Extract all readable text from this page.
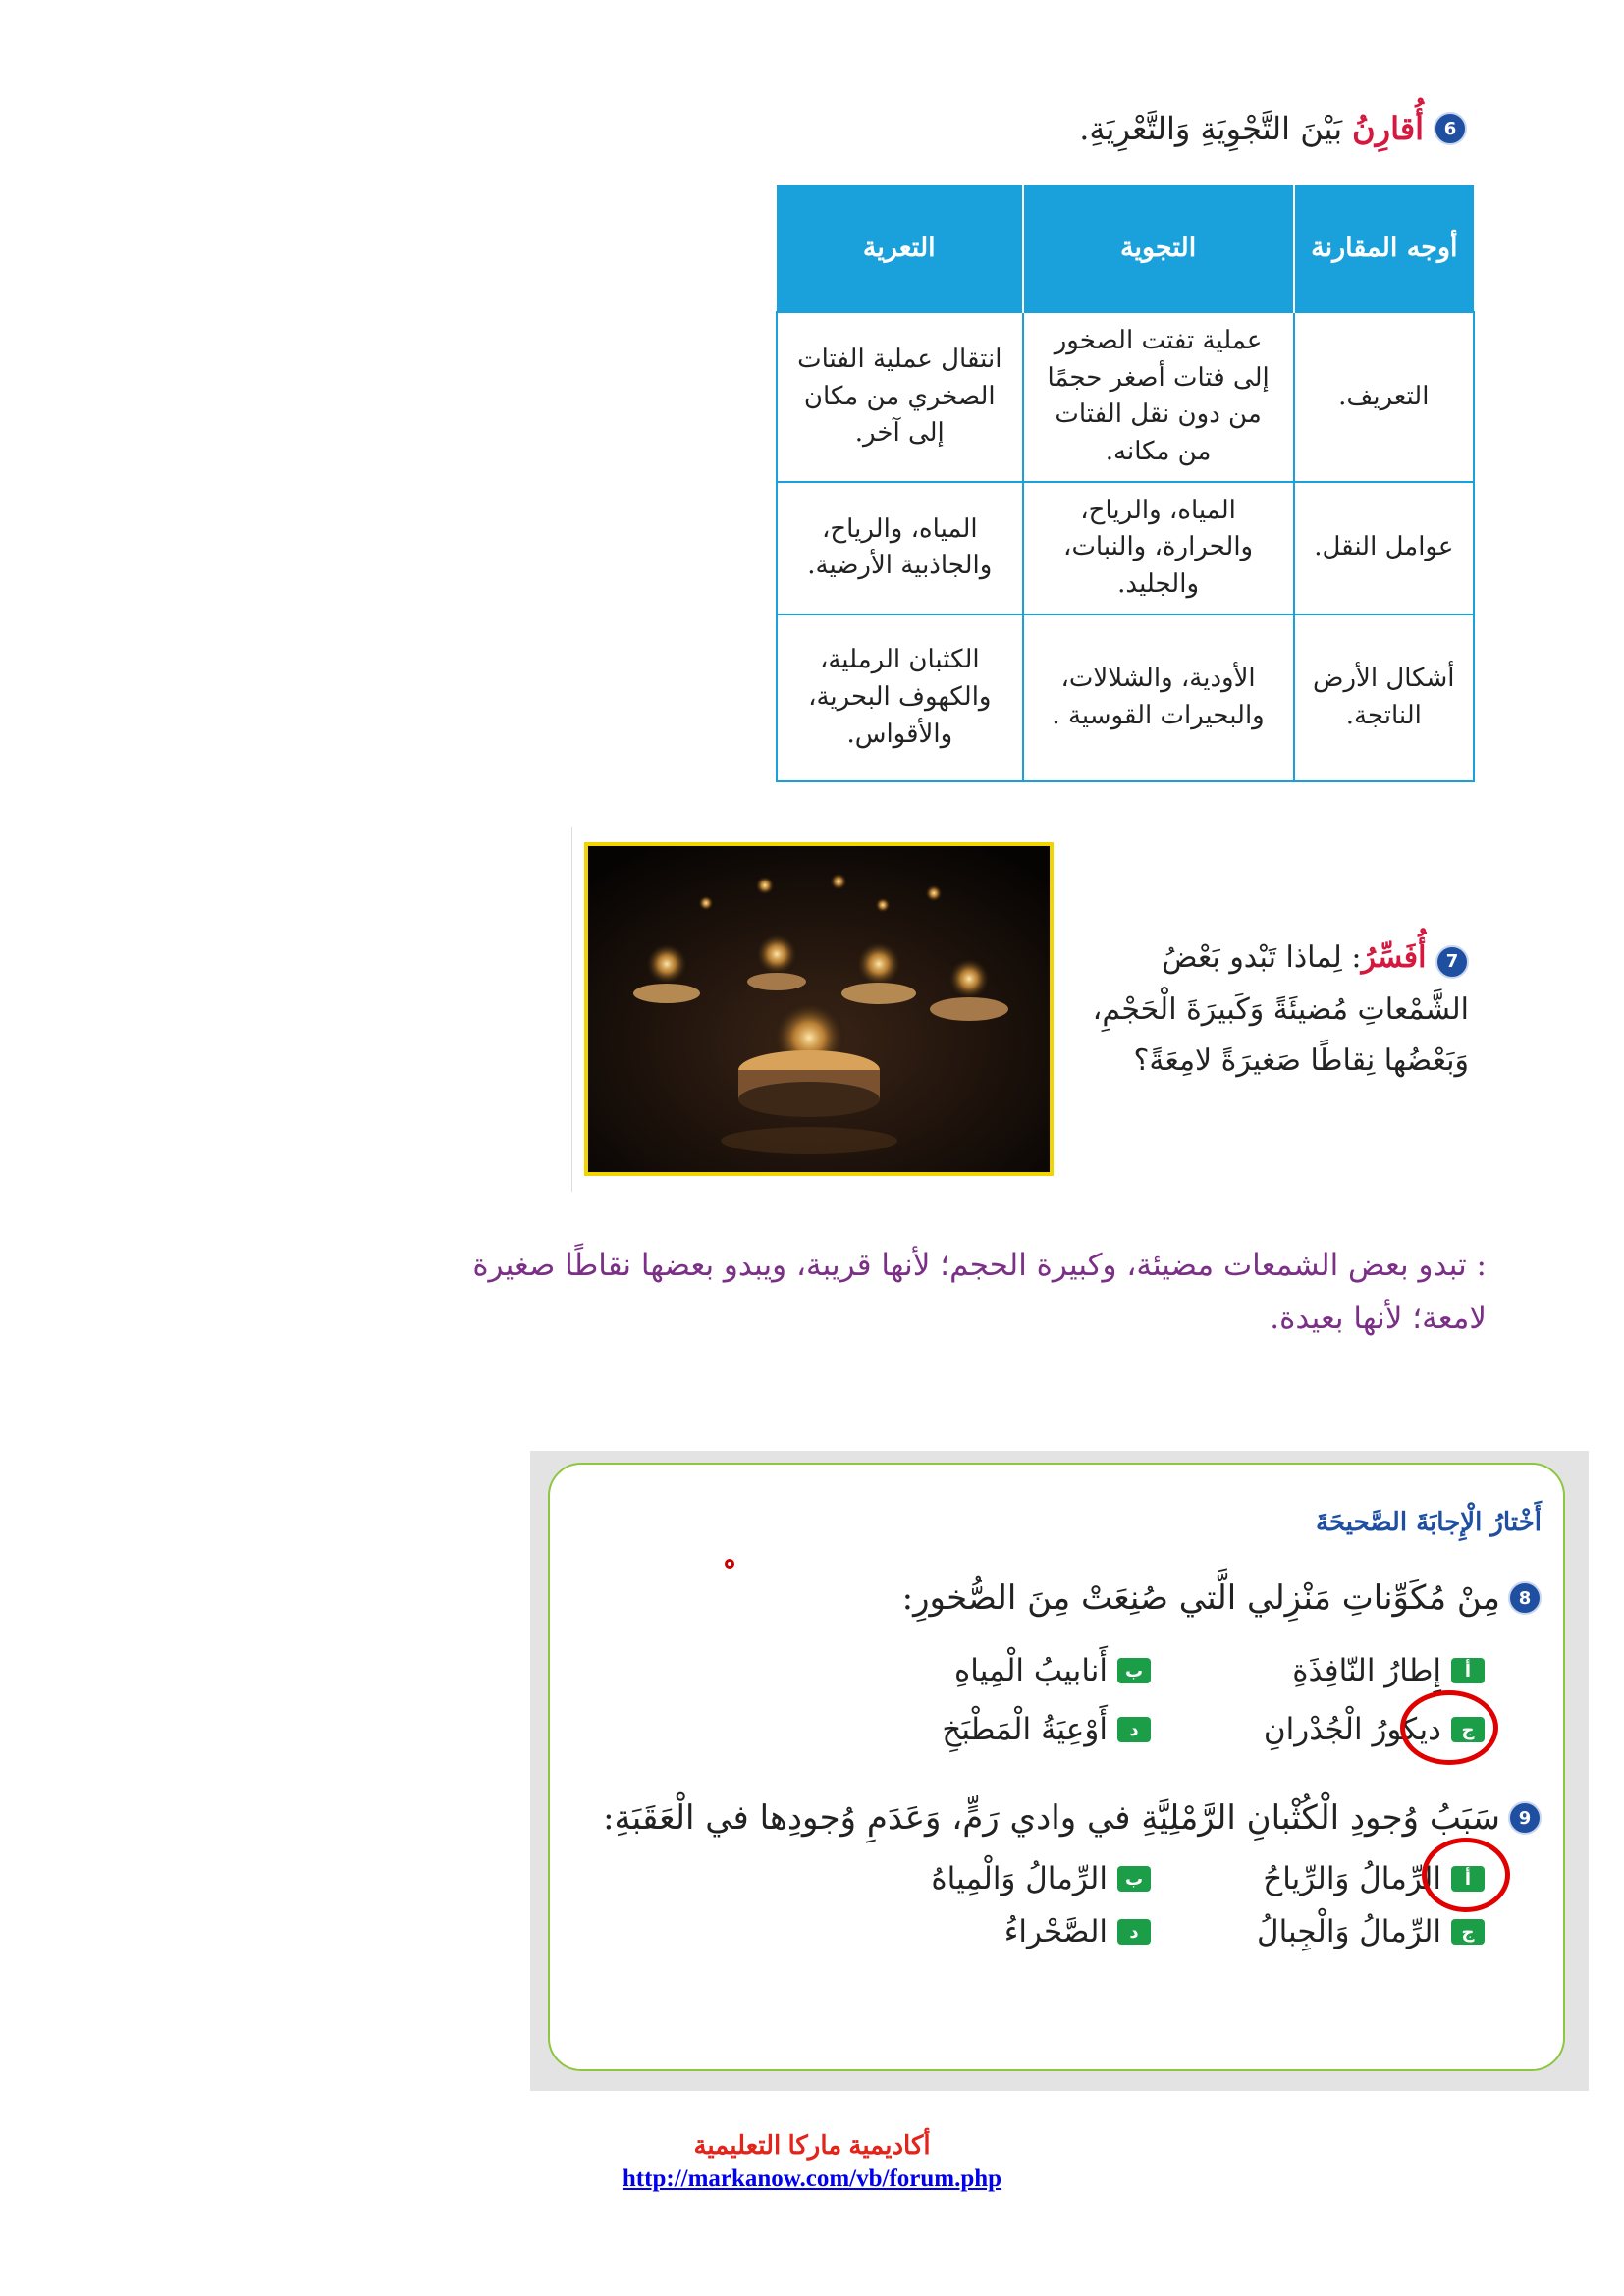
6
أُقارِنُ
بَيْنَ التَّجْوِيَةِ وَالتَّعْرِيَةِ.
أوجه المقارنة	التجوية	التعرية
التعريف.	عملية تفتت الصخور إلى فتات أصغر حجمًا من دون نقل الفتات من مكانه.	انتقال عملية الفتات الصخري من مكان إلى آخر.
عوامل النقل.	المياه، والرياح، والحرارة، والنبات، والجليد.	المياه، والرياح، والجاذبية الأرضية.
أشكال الأرض الناتجة.	الأودية، والشلالات، والبحيرات القوسية .	الكثبان الرملية، والكهوف البحرية، والأقواس.
7 أُفَسِّرُ: لِماذا تَبْدو بَعْضُ الشَّمْعاتِ مُضيئَةً وَكَبيرَةَ الْحَجْمِ، وَبَعْضُها نِقاطًا صَغيرَةً لامِعَةً؟
: تبدو بعض الشمعات مضيئة، وكبيرة الحجم؛ لأنها قريبة، ويبدو بعضها نقاطًا صغيرة لامعة؛ لأنها بعيدة.
أَخْتارُ الْإِجابَةَ الصَّحيحَةَ
8
مِنْ مُكَوِّناتِ مَنْزِلي الَّتي صُنِعَتْ مِنَ الصُّخورِ:
أ
إِطارُ النّافِذَةِ
ب
أَنابيبُ الْمِياهِ
ج
ديكورُ الْجُدْرانِ
د
أَوْعِيَةُ الْمَطْبَخِ
9
سَبَبُ وُجودِ الْكُثْبانِ الرَّمْلِيَّةِ في وادي رَمٍّ، وَعَدَمِ وُجودِها في الْعَقَبَةِ:
أ
الرِّمالُ وَالرِّياحُ
ب
الرِّمالُ وَالْمِياهُ
ج
الرِّمالُ وَالْجِبالُ
د
الصَّحْراءُ
أكاديمية ماركا التعليمية
http://markanow.com/vb/forum.php
